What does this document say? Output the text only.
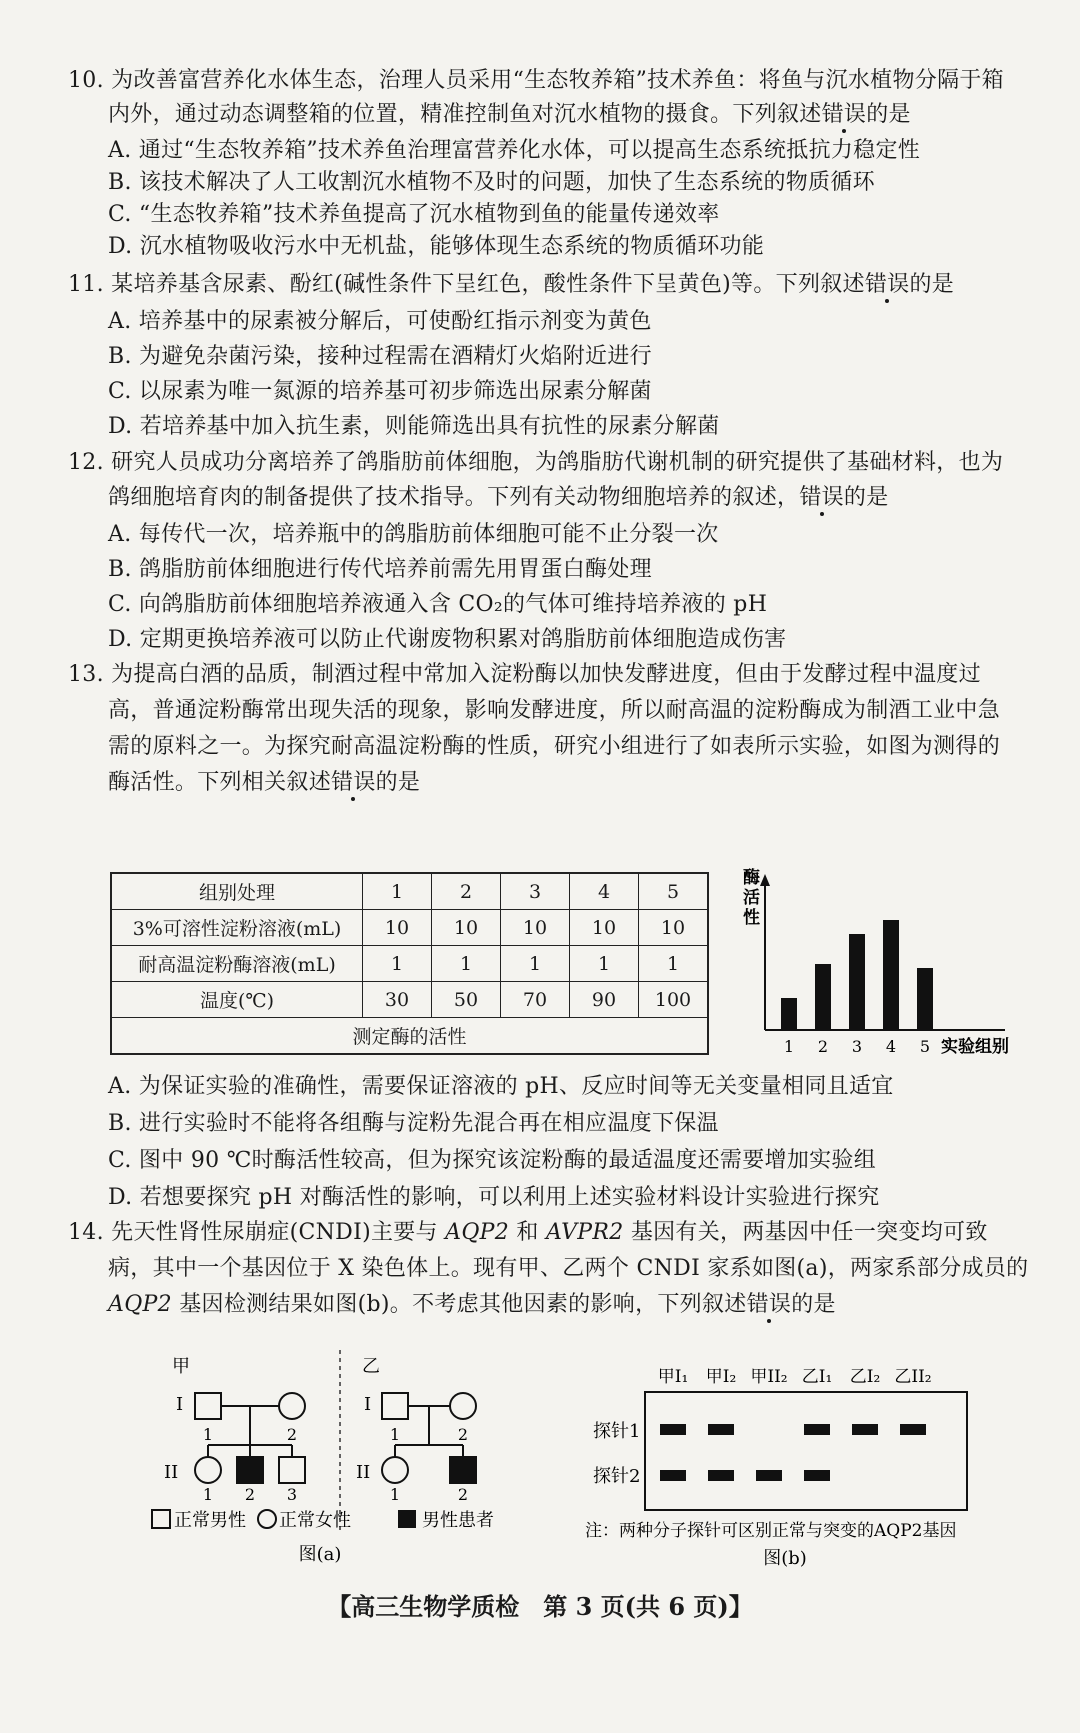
10. 为改善富营养化水体生态，治理人员采用“生态牧养箱”技术养鱼：将鱼与沉水植物分隔于箱
内外，通过动态调整箱的位置，精准控制鱼对沉水植物的摄食。下列叙述错误的是
A. 通过“生态牧养箱”技术养鱼治理富营养化水体，可以提高生态系统抵抗力稳定性
B. 该技术解决了人工收割沉水植物不及时的问题，加快了生态系统的物质循环
C. “生态牧养箱”技术养鱼提高了沉水植物到鱼的能量传递效率
D. 沉水植物吸收污水中无机盐，能够体现生态系统的物质循环功能
11. 某培养基含尿素、酚红(碱性条件下呈红色，酸性条件下呈黄色)等。下列叙述错误的是
A. 培养基中的尿素被分解后，可使酚红指示剂变为黄色
B. 为避免杂菌污染，接种过程需在酒精灯火焰附近进行
C. 以尿素为唯一氮源的培养基可初步筛选出尿素分解菌
D. 若培养基中加入抗生素，则能筛选出具有抗性的尿素分解菌
12. 研究人员成功分离培养了鸽脂肪前体细胞，为鸽脂肪代谢机制的研究提供了基础材料，也为
鸽细胞培育肉的制备提供了技术指导。下列有关动物细胞培养的叙述，错误的是
A. 每传代一次，培养瓶中的鸽脂肪前体细胞可能不止分裂一次
B. 鸽脂肪前体细胞进行传代培养前需先用胃蛋白酶处理
C. 向鸽脂肪前体细胞培养液通入含 CO₂的气体可维持培养液的 pH
D. 定期更换培养液可以防止代谢废物积累对鸽脂肪前体细胞造成伤害
13. 为提高白酒的品质，制酒过程中常加入淀粉酶以加快发酵进度，但由于发酵过程中温度过
高，普通淀粉酶常出现失活的现象，影响发酵进度，所以耐高温的淀粉酶成为制酒工业中急
需的原料之一。为探究耐高温淀粉酶的性质，研究小组进行了如表所示实验，如图为测得的
酶活性。下列相关叙述错误的是
组别处理	1	2	3	4	5
3%可溶性淀粉溶液(mL)	10	10	10	10	10
耐高温淀粉酶溶液(mL)	1	1	1	1	1
温度(℃)	30	50	70	90	100
测定酶的活性					
酶
活
性
1 2 3 4 5 实验组别
A. 为保证实验的准确性，需要保证溶液的 pH、反应时间等无关变量相同且适宜
B. 进行实验时不能将各组酶与淀粉先混合再在相应温度下保温
C. 图中 90 ℃时酶活性较高，但为探究该淀粉酶的最适温度还需要增加实验组
D. 若想要探究 pH 对酶活性的影响，可以利用上述实验材料设计实验进行探究
14. 先天性肾性尿崩症(CNDI)主要与 AQP2 和 AVPR2 基因有关，两基因中任一突变均可致
病，其中一个基因位于 X 染色体上。现有甲、乙两个 CNDI 家系如图(a)，两家系部分成员的
AQP2 基因检测结果如图(b)。不考虑其他因素的影响，下列叙述错误的是
甲	乙
I
1	2
II
1 2 3
I
1	2
II
1	2
正常男性 正常女性	男性患者
图(a)
探针1
探针2
甲I₁ 甲I₂ 甲II₂ 乙I₁ 乙I₂ 乙II₂
注：两种分子探针可区别正常与突变的AQP2基因
图(b)
【高三生物学质检　第 3 页(共 6 页)】
